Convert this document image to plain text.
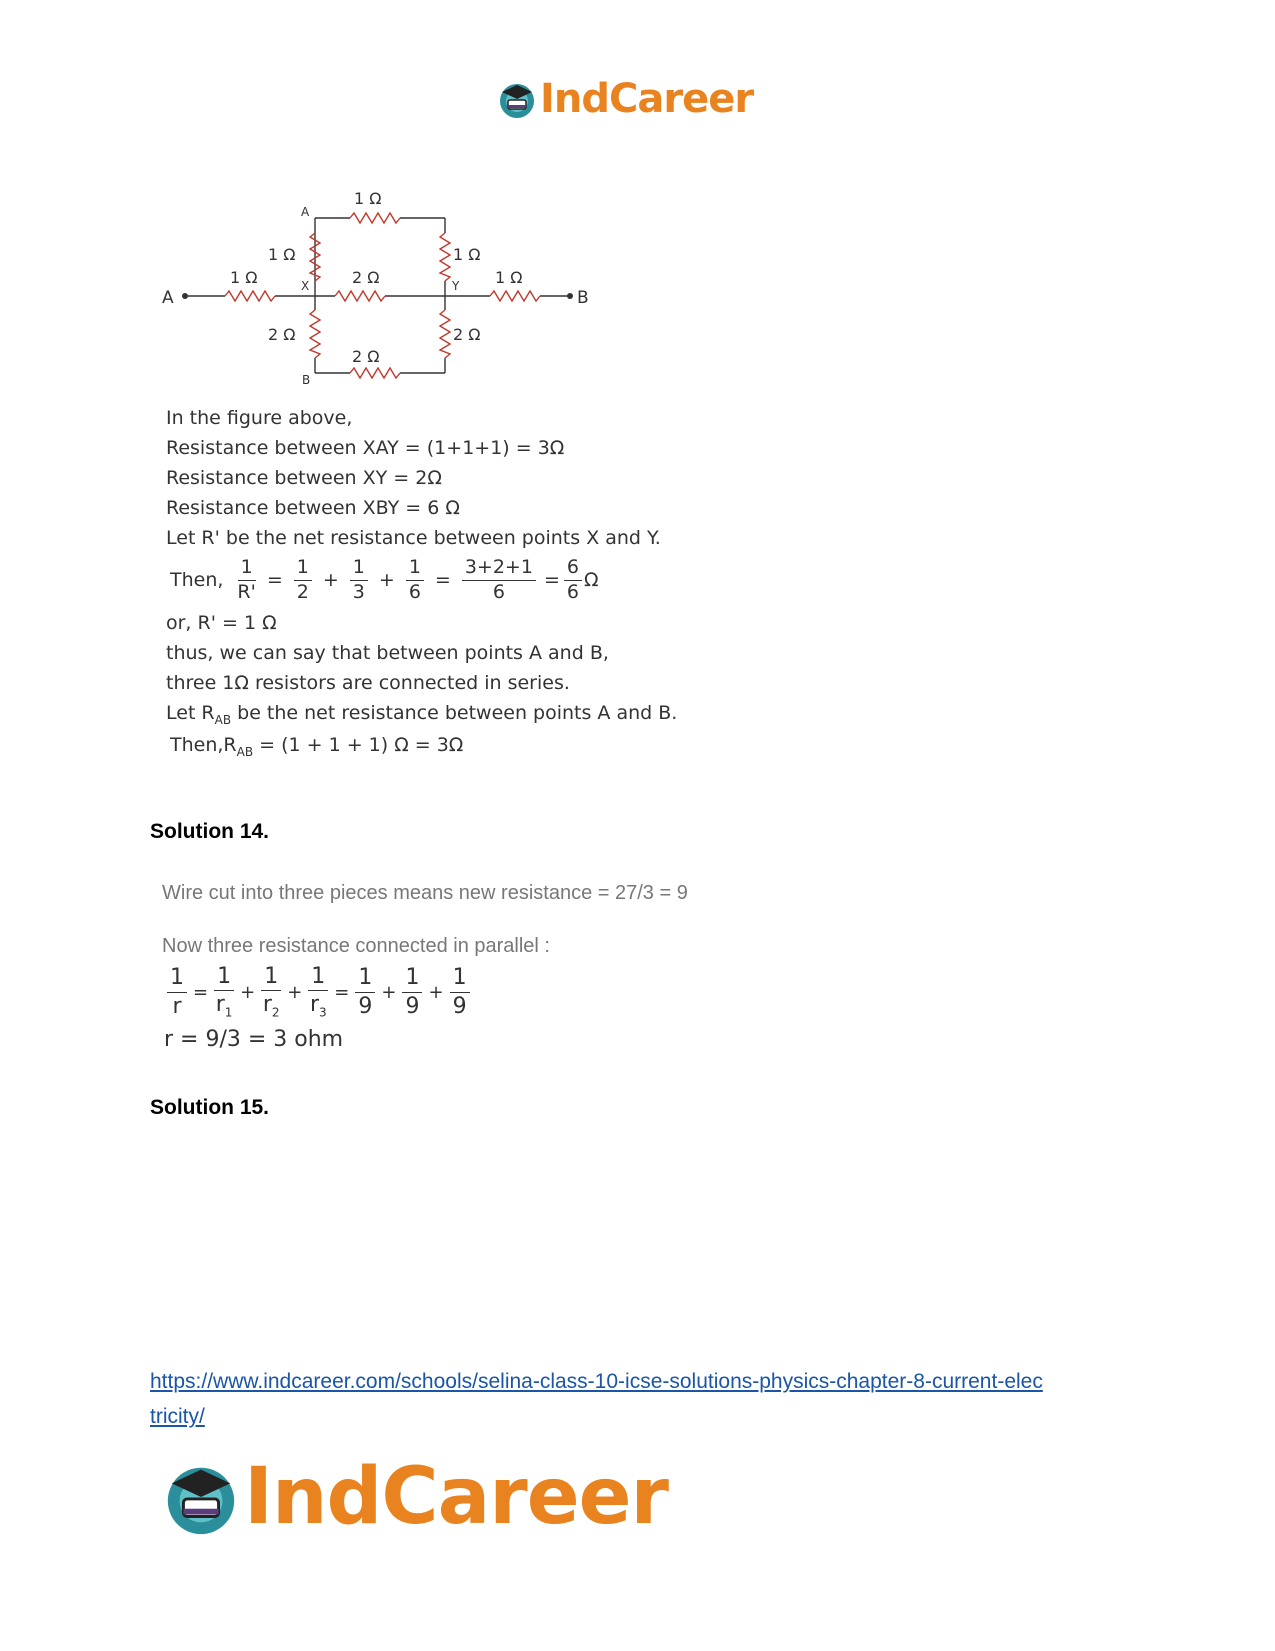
IndCareer
A	B
X	Y
A
B
1 Ω
1 Ω
1 Ω	1 Ω
2 Ω	1 Ω
2 Ω	2 Ω
2 Ω
In the figure above,
Resistance between XAY = (1+1+1) = 3Ω
Resistance between XY = 2Ω
Resistance between XBY = 6 Ω
Let R' be the net resistance between points X and Y.
Then, $\frac{1}{R'} = \frac{1}{2} + \frac{1}{3} + \frac{1}{6} = \frac{3+2+1}{6} = \frac{6}{6}$ Ω
or, R' = 1 Ω
thus, we can say that between points A and B,
three 1Ω resistors are connected in series.
Let $R_{AB}$ be the net resistance between points A and B.
$Then,R_{AB} = (1 + 1 + 1) \Omega = 3\Omega$
Solution 14.
Wire cut into three pieces means new resistance = 27/3 = 9
Now three resistance connected in parallel :
$\frac{1}{r} = \frac{1}{r_1} + \frac{1}{r_2} + \frac{1}{r_3} = \frac{1}{9} + \frac{1}{9} + \frac{1}{9}$
r = 9/3 = 3 ohm
Solution 15.
https://www.indcareer.com/schools/selina-class-10-icse-solutions-physics-chapter-8-current-elec
tricity/
IndCareer
